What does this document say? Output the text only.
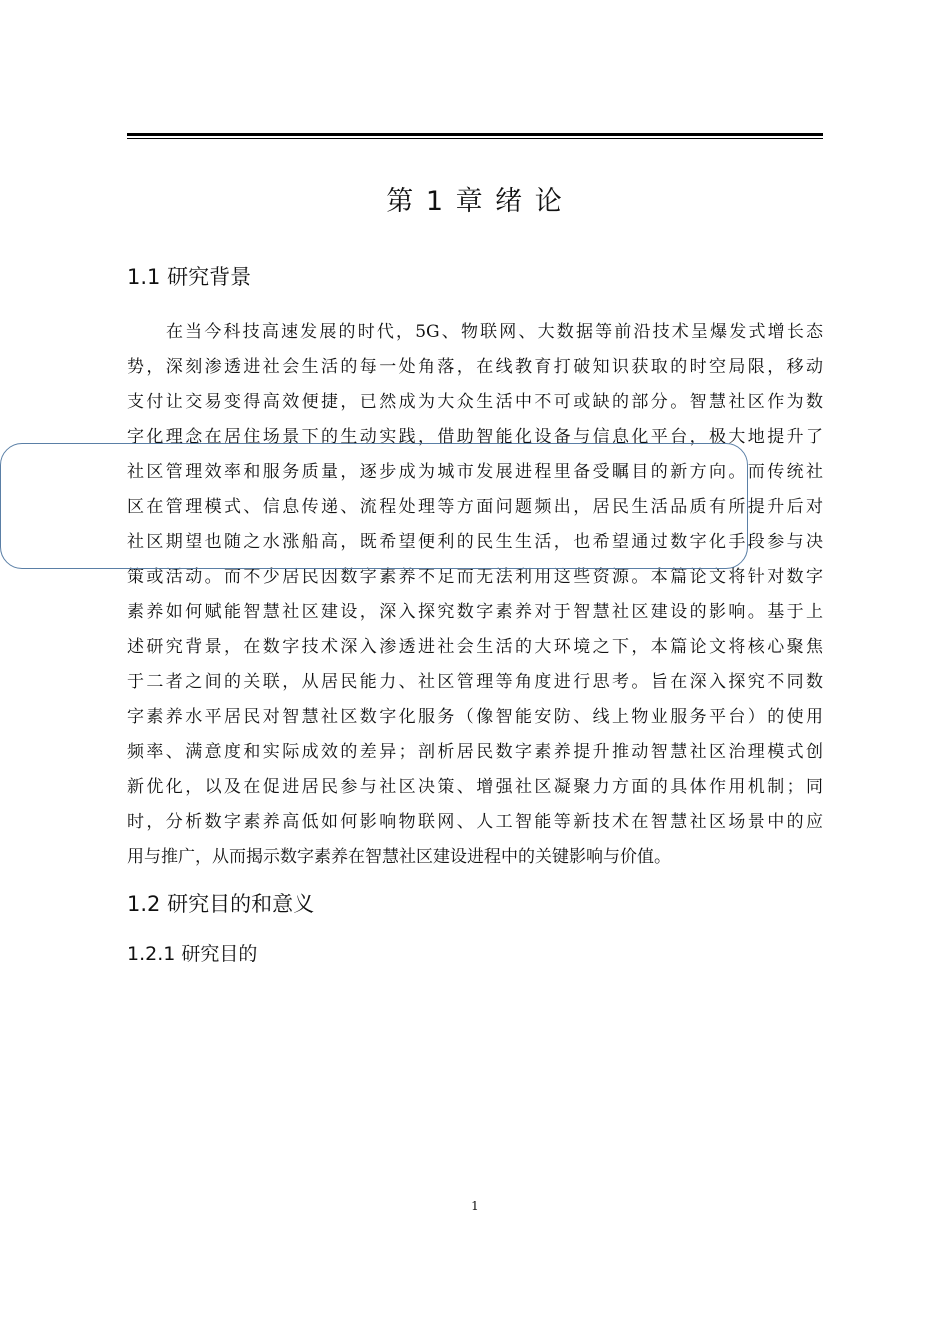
第 1 章 绪 论
1.1 研究背景
在当今科技高速发展的时代，5G、物联网、大数据等前沿技术呈爆发式增长态
势，深刻渗透进社会生活的每一处角落，在线教育打破知识获取的时空局限，移动
支付让交易变得高效便捷，已然成为大众生活中不可或缺的部分。智慧社区作为数
字化理念在居住场景下的生动实践，借助智能化设备与信息化平台，极大地提升了
社区管理效率和服务质量，逐步成为城市发展进程里备受瞩目的新方向。而传统社
区在管理模式、信息传递、流程处理等方面问题频出，居民生活品质有所提升后对
社区期望也随之水涨船高，既希望便利的民生生活，也希望通过数字化手段参与决
策或活动。而不少居民因数字素养不足而无法利用这些资源。本篇论文将针对数字
素养如何赋能智慧社区建设，深入探究数字素养对于智慧社区建设的影响。基于上
述研究背景，在数字技术深入渗透进社会生活的大环境之下，本篇论文将核心聚焦
于二者之间的关联，从居民能力、社区管理等角度进行思考。旨在深入探究不同数
字素养水平居民对智慧社区数字化服务（像智能安防、线上物业服务平台）的使用
频率、满意度和实际成效的差异；剖析居民数字素养提升推动智慧社区治理模式创
新优化，以及在促进居民参与社区决策、增强社区凝聚力方面的具体作用机制；同
时，分析数字素养高低如何影响物联网、人工智能等新技术在智慧社区场景中的应
用与推广，从而揭示数字素养在智慧社区建设进程中的关键影响与价值。
1.2 研究目的和意义
1.2.1 研究目的
1
